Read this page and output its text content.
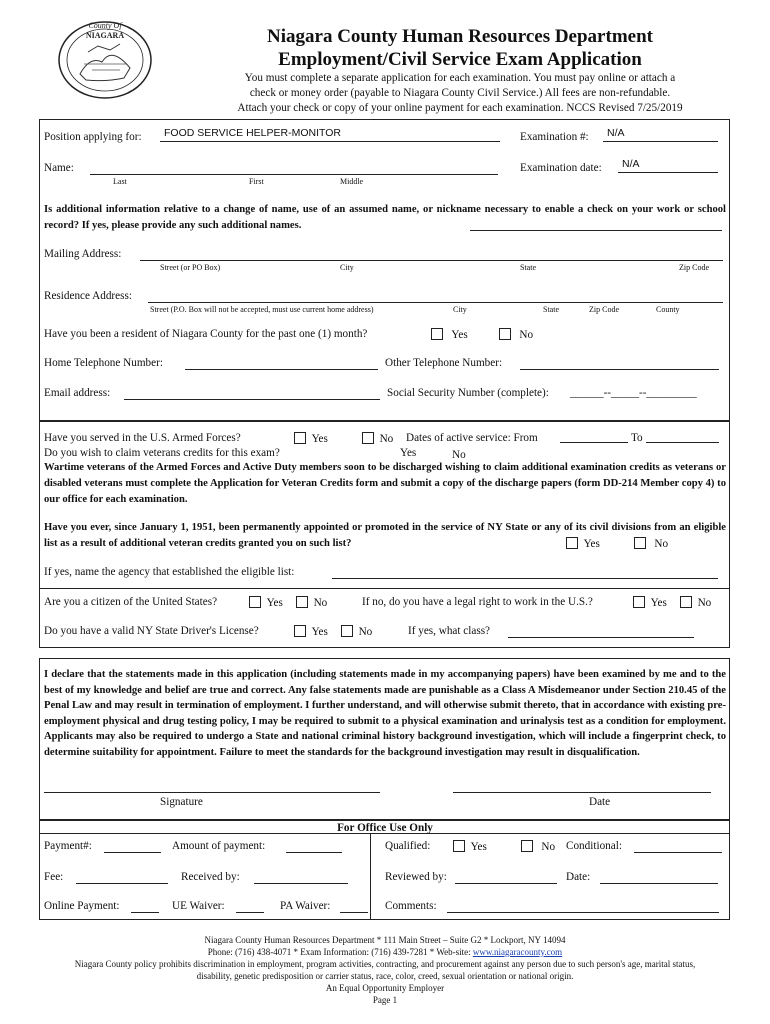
County Of
NIAGARA	Niagara County Human Resources Department
Employment/Civil Service Exam Application
You must complete a separate application for each examination. You must pay online or attach a
check or money order (payable to Niagara County Civil Service.) All fees are non-refundable.
Attach your check or copy of your online payment for each examination. NCCS Revised 7/25/2019
Position applying for: FOOD SERVICE HELPER-MONITOR	Examination #: N/A
Name:
Last	First	Middle
Examination date: N/A
Is additional information relative to a change of name, use of an assumed name, or nickname necessary to enable a check on your work or school record? If yes, please provide any such additional names.
Mailing Address:
Street (or PO Box)	City	State	Zip Code
Residence Address:
Street (P.O. Box will not be accepted, must use current home address)	City	State	Zip Code	County
Have you been a resident of Niagara County for the past one (1) month?	Yes	No
Home Telephone Number:	Other Telephone Number:
Email address:	Social Security Number (complete): ______--_____--_________
Have you served in the U.S. Armed Forces?	Yes	No Dates of active service: From	To
Do you wish to claim veterans credits for this exam?	Yes	No
Wartime veterans of the Armed Forces and Active Duty members soon to be discharged wishing to claim additional examination credits as veterans or disabled veterans must complete the Application for Veteran Credits form and submit a copy of the discharge papers (form DD-214 Member copy 4) to our office for each examination.
Have you ever, since January 1, 1951, been permanently appointed or promoted in the service of NY State or any of its civil divisions from an eligible list as a result of additional veteran credits granted you on such list?	Yes	No
If yes, name the agency that established the eligible list:
Are you a citizen of the United States?	Yes	No	If no, do you have a legal right to work in the U.S.?	Yes	No
Do you have a valid NY State Driver's License?	Yes	No	If yes, what class?
I declare that the statements made in this application (including statements made in my accompanying papers) have been examined by me and to the best of my knowledge and belief are true and correct. Any false statements made are punishable as a Class A Misdemeanor under Section 210.45 of the Penal Law and may result in termination of employment. I further understand, and will otherwise submit thereto, that in accordance with existing pre-employment physical and drug testing policy, I may be required to submit to a physical examination and urinalysis test as a condition for employment. Applicants may also be required to undergo a State and national criminal history background investigation, which will include a fingerprint check, to determine suitability for appointment. Failure to meet the standards for the background investigation may result in disqualification.
Signature	Date
For Office Use Only
Payment#:	Amount of payment:	Qualified:	Yes	No Conditional:
Fee:	Received by:	Reviewed by:	Date:
Online Payment:	UE Waiver:	PA Waiver:	Comments:
Niagara County Human Resources Department * 111 Main Street – Suite G2 * Lockport, NY 14094
Phone: (716) 438-4071 * Exam Information: (716) 439-7281 * Web-site: www.niagaracounty.com
Niagara County policy prohibits discrimination in employment, program activities, contracting, and procurement against any person due to such person's age, marital status,
disability, genetic predisposition or carrier status, race, color, creed, sexual orientation or national origin.
An Equal Opportunity Employer
Page 1
